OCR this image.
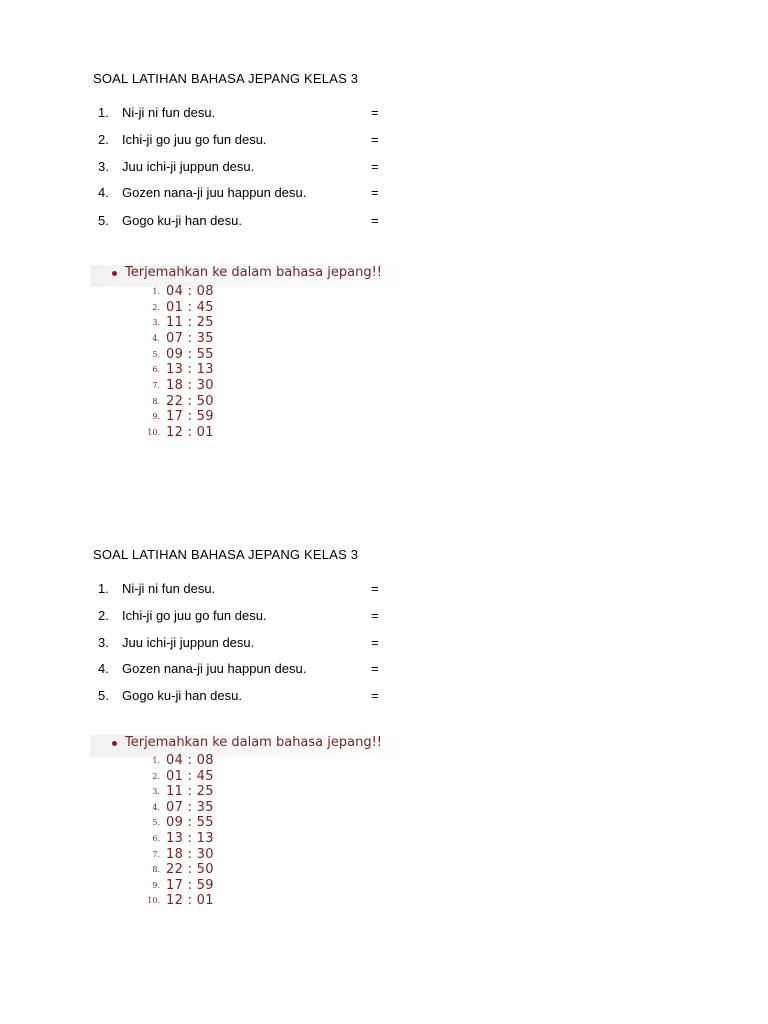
SOAL LATIHAN BAHASA JEPANG KELAS 3
1. Ni-ji ni fun desu.	=
2. Ichi-ji go juu go fun desu.	=
3. Juu ichi-ji juppun desu.	=
4. Gozen nana-ji juu happun desu.	=
5. Gogo ku-ji han desu.	=
Terjemahkan ke dalam bahasa jepang!!
1. 04 : 08
2. 01 : 45
3. 11 : 25
4. 07 : 35
5. 09 : 55
6. 13 : 13
7. 18 : 30
8. 22 : 50
9. 17 : 59
10. 12 : 01
SOAL LATIHAN BAHASA JEPANG KELAS 3
1. Ni-ji ni fun desu.	=
2. Ichi-ji go juu go fun desu.	=
3. Juu ichi-ji juppun desu.	=
4. Gozen nana-ji juu happun desu.	=
5. Gogo ku-ji han desu.	=
Terjemahkan ke dalam bahasa jepang!!
1. 04 : 08
2. 01 : 45
3. 11 : 25
4. 07 : 35
5. 09 : 55
6. 13 : 13
7. 18 : 30
8. 22 : 50
9. 17 : 59
10. 12 : 01
